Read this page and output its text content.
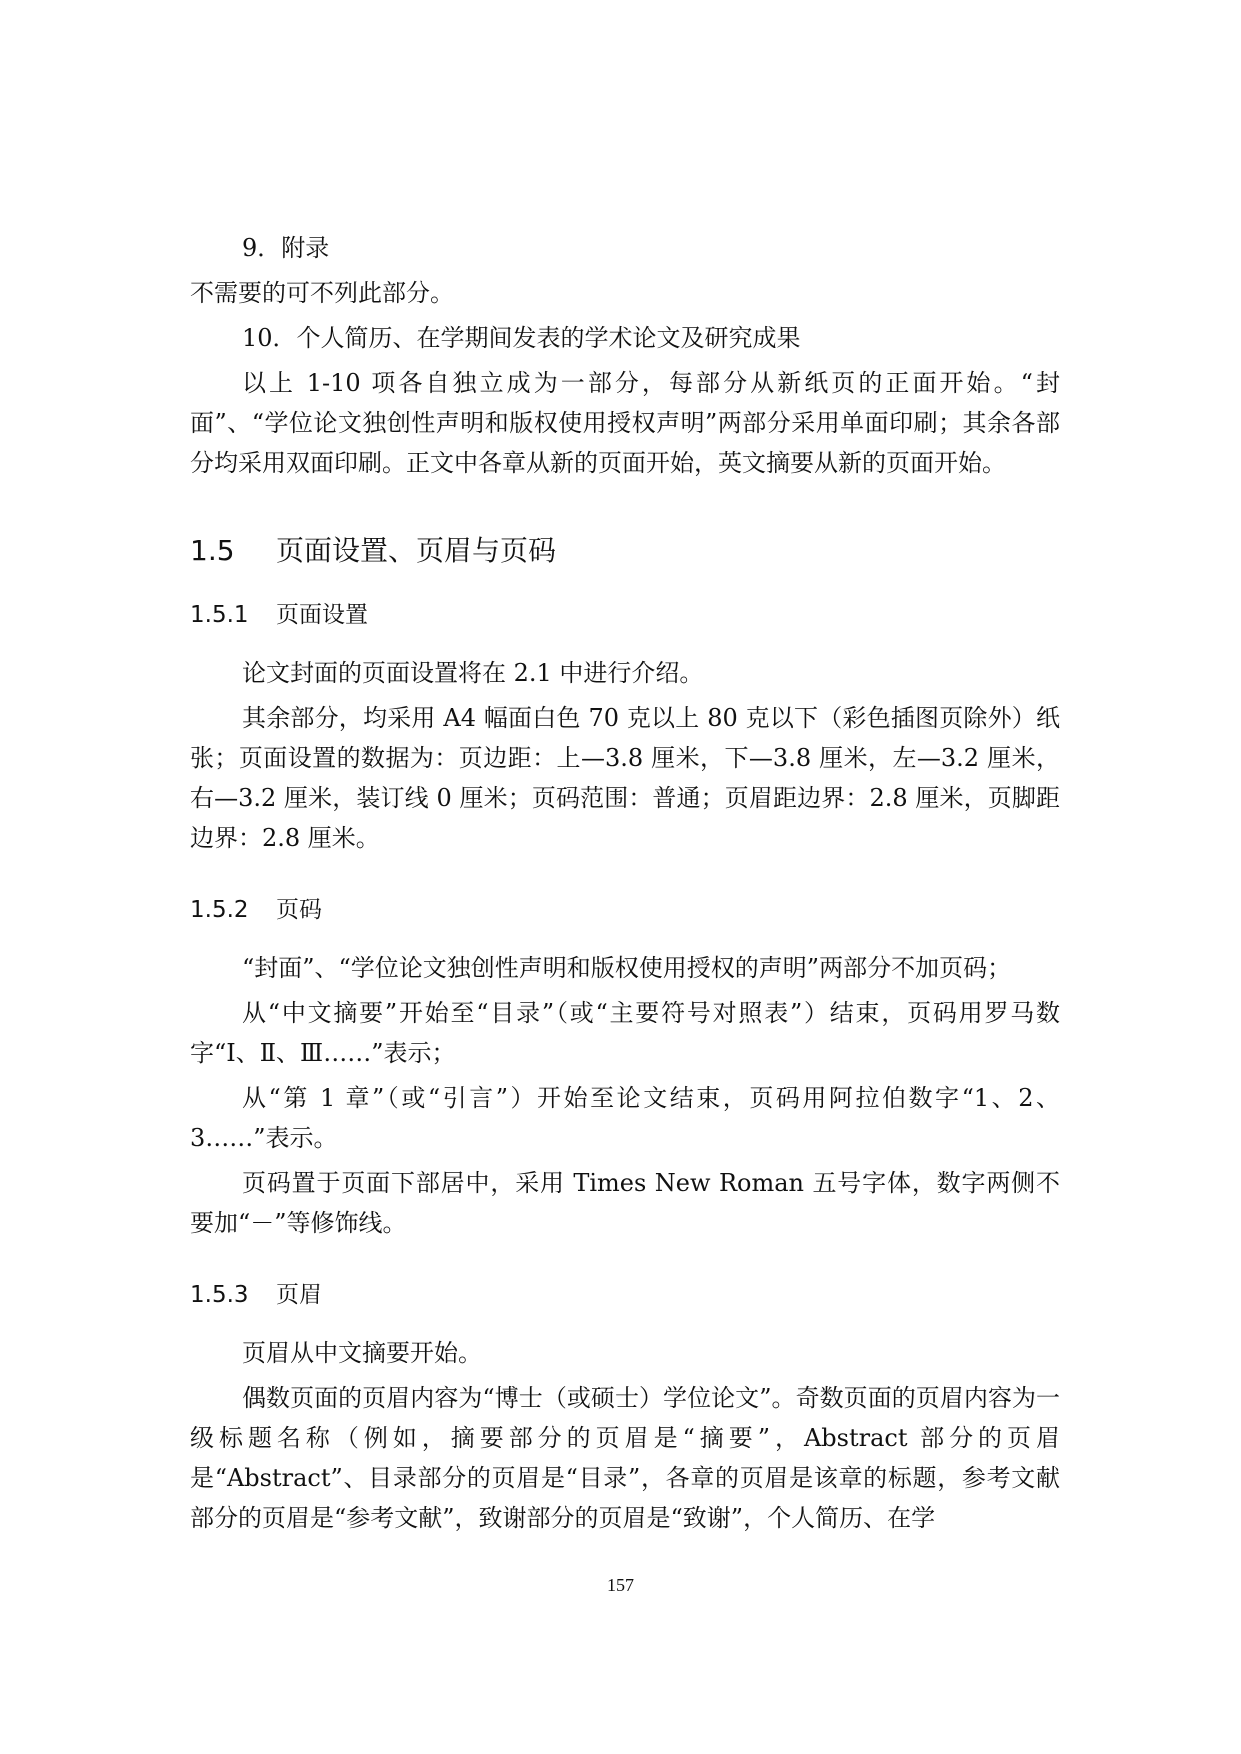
9．附录

不需要的可不列此部分。

10．个人简历、在学期间发表的学术论文及研究成果

以上 1-10 项各自独立成为一部分，每部分从新纸页的正面开始。“封面”、“学位论文独创性声明和版权使用授权声明”两部分采用单面印刷；其余各部分均采用双面印刷。正文中各章从新的页面开始，英文摘要从新的页面开始。

1.5 页面设置、页眉与页码
1.5.1 页面设置

论文封面的页面设置将在 2.1 中进行介绍。

其余部分，均采用 A4 幅面白色 70 克以上 80 克以下（彩色插图页除外）纸张；页面设置的数据为：页边距：上—3.8 厘米，下—3.8 厘米，左—3.2 厘米，右—3.2 厘米，装订线 0 厘米；页码范围：普通；页眉距边界：2.8 厘米，页脚距边界：2.8 厘米。

1.5.2 页码

“封面”、“学位论文独创性声明和版权使用授权的声明”两部分不加页码；

从“中文摘要”开始至“目录”（或“主要符号对照表”）结束，页码用罗马数字“Ⅰ、Ⅱ、Ⅲ……”表示；

从“第 1 章”（或“引言”）开始至论文结束，页码用阿拉伯数字“1、2、3……”表示。

页码置于页面下部居中，采用 Times New Roman 五号字体，数字两侧不要加“－”等修饰线。

1.5.3 页眉

页眉从中文摘要开始。

偶数页面的页眉内容为“博士（或硕士）学位论文”。奇数页面的页眉内容为一级标题名称（例如，摘要部分的页眉是“摘要”，Abstract 部分的页眉是“Abstract”、目录部分的页眉是“目录”，各章的页眉是该章的标题，参考文献部分的页眉是“参考文献”，致谢部分的页眉是“致谢”，个人简历、在学

157
